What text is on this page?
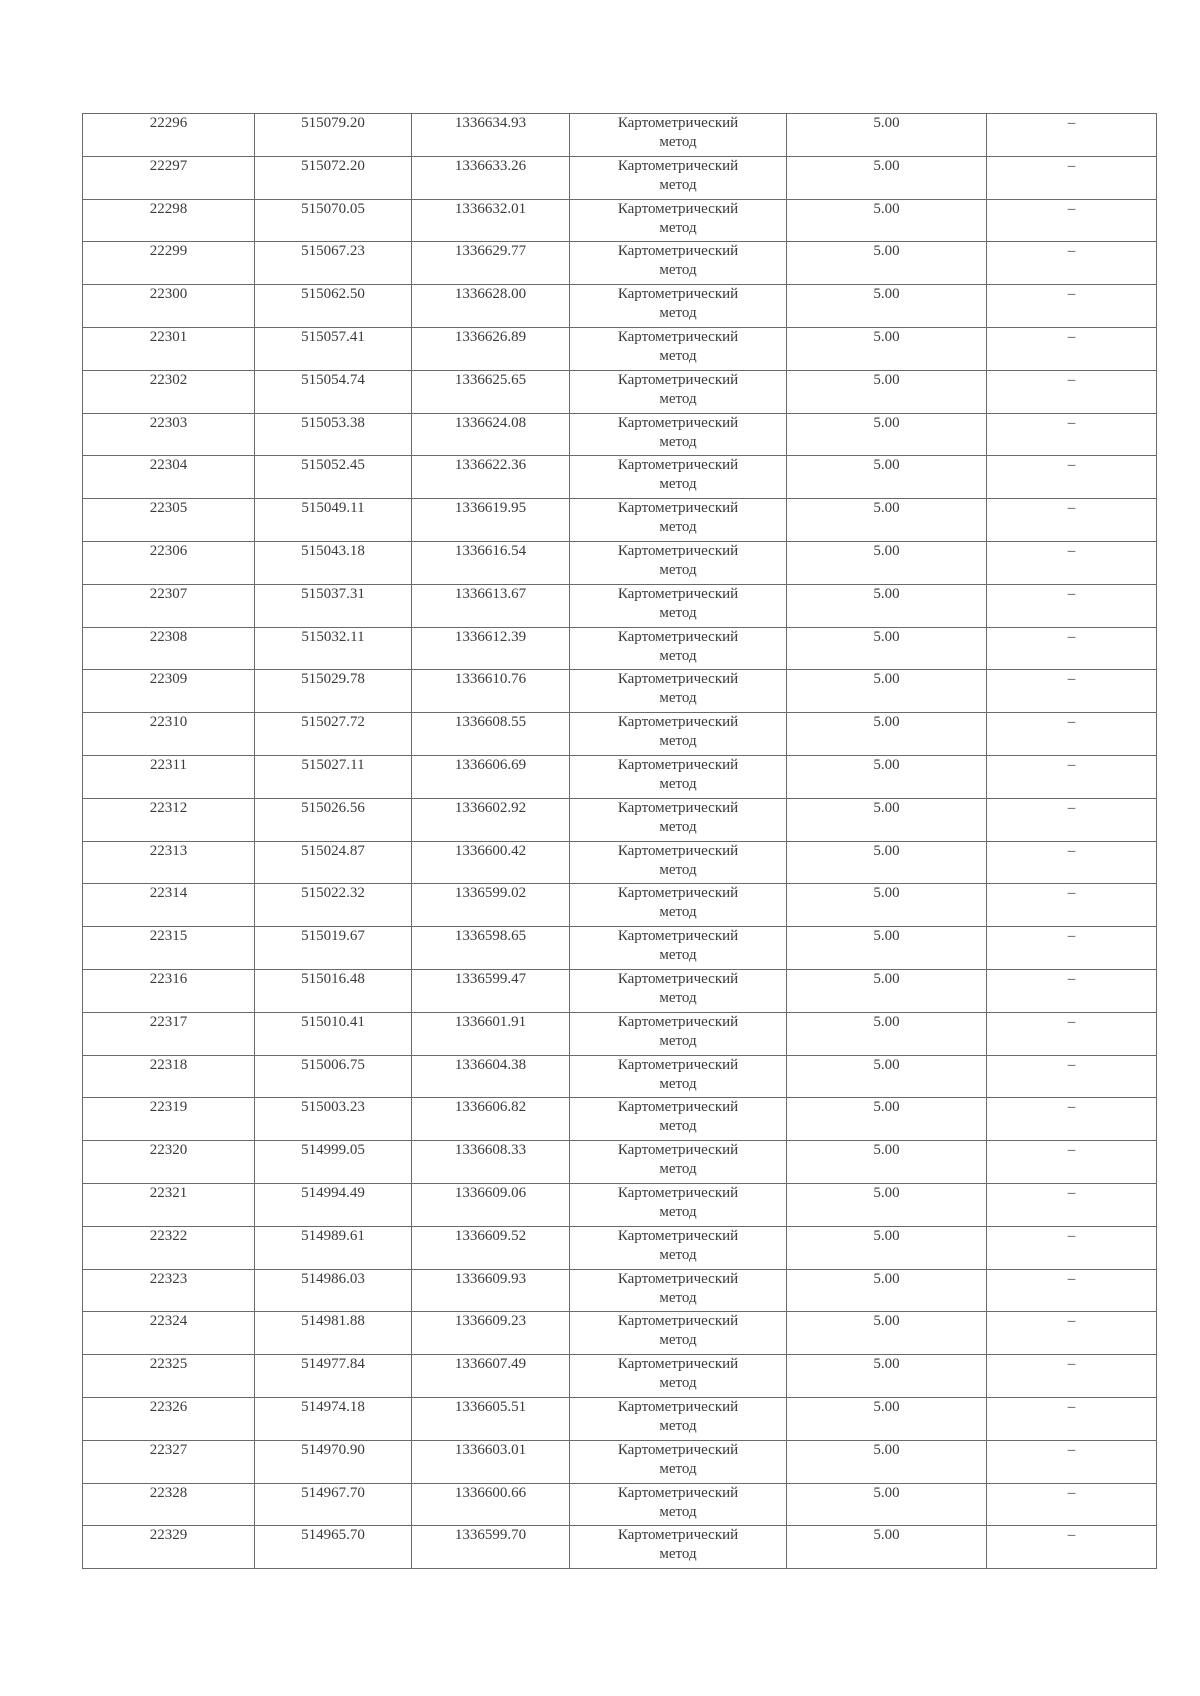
22296	515079.20	1336634.93	Картометрический
метод	5.00	–
22297	515072.20	1336633.26	Картометрический
метод	5.00	–
22298	515070.05	1336632.01	Картометрический
метод	5.00	–
22299	515067.23	1336629.77	Картометрический
метод	5.00	–
22300	515062.50	1336628.00	Картометрический
метод	5.00	–
22301	515057.41	1336626.89	Картометрический
метод	5.00	–
22302	515054.74	1336625.65	Картометрический
метод	5.00	–
22303	515053.38	1336624.08	Картометрический
метод	5.00	–
22304	515052.45	1336622.36	Картометрический
метод	5.00	–
22305	515049.11	1336619.95	Картометрический
метод	5.00	–
22306	515043.18	1336616.54	Картометрический
метод	5.00	–
22307	515037.31	1336613.67	Картометрический
метод	5.00	–
22308	515032.11	1336612.39	Картометрический
метод	5.00	–
22309	515029.78	1336610.76	Картометрический
метод	5.00	–
22310	515027.72	1336608.55	Картометрический
метод	5.00	–
22311	515027.11	1336606.69	Картометрический
метод	5.00	–
22312	515026.56	1336602.92	Картометрический
метод	5.00	–
22313	515024.87	1336600.42	Картометрический
метод	5.00	–
22314	515022.32	1336599.02	Картометрический
метод	5.00	–
22315	515019.67	1336598.65	Картометрический
метод	5.00	–
22316	515016.48	1336599.47	Картометрический
метод	5.00	–
22317	515010.41	1336601.91	Картометрический
метод	5.00	–
22318	515006.75	1336604.38	Картометрический
метод	5.00	–
22319	515003.23	1336606.82	Картометрический
метод	5.00	–
22320	514999.05	1336608.33	Картометрический
метод	5.00	–
22321	514994.49	1336609.06	Картометрический
метод	5.00	–
22322	514989.61	1336609.52	Картометрический
метод	5.00	–
22323	514986.03	1336609.93	Картометрический
метод	5.00	–
22324	514981.88	1336609.23	Картометрический
метод	5.00	–
22325	514977.84	1336607.49	Картометрический
метод	5.00	–
22326	514974.18	1336605.51	Картометрический
метод	5.00	–
22327	514970.90	1336603.01	Картометрический
метод	5.00	–
22328	514967.70	1336600.66	Картометрический
метод	5.00	–
22329	514965.70	1336599.70	Картометрический
метод	5.00	–
